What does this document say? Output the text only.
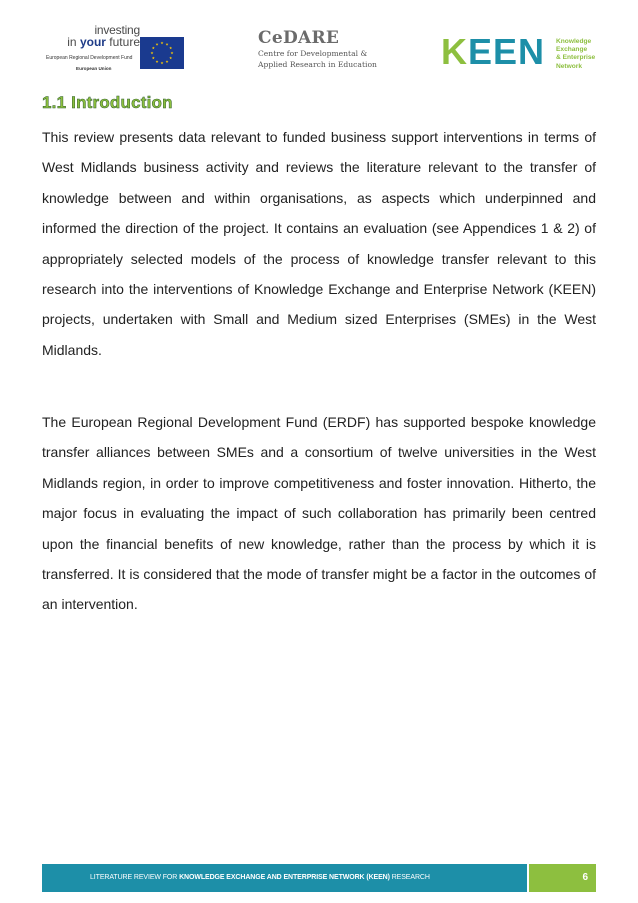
investing
in your future
European Regional Development Fund
European Union
CeDARE
Centre for Developmental &
Applied Research in Education KEEN Knowledge
Exchange
& Enterprise
Network
1.1 Introduction

This review presents data relevant to funded business support interventions in terms of West Midlands business activity and reviews the literature relevant to the transfer of knowledge between and within organisations, as aspects which underpinned and informed the direction of the project. It contains an evaluation (see Appendices 1 & 2) of appropriately selected models of the process of knowledge transfer relevant to this research into the interventions of Knowledge Exchange and Enterprise Network (KEEN) projects, undertaken with Small and Medium sized Enterprises (SMEs) in the West Midlands.

The European Regional Development Fund (ERDF) has supported bespoke knowledge transfer alliances between SMEs and a consortium of twelve universities in the West Midlands region, in order to improve competitiveness and foster innovation. Hitherto, the major focus in evaluating the impact of such collaboration has primarily been centred upon the financial benefits of new knowledge, rather than the process by which it is transferred. It is considered that the mode of transfer might be a factor in the outcomes of an intervention.

LITERATURE REVIEW FOR KNOWLEDGE EXCHANGE AND ENTERPRISE NETWORK (KEEN) RESEARCH	6
